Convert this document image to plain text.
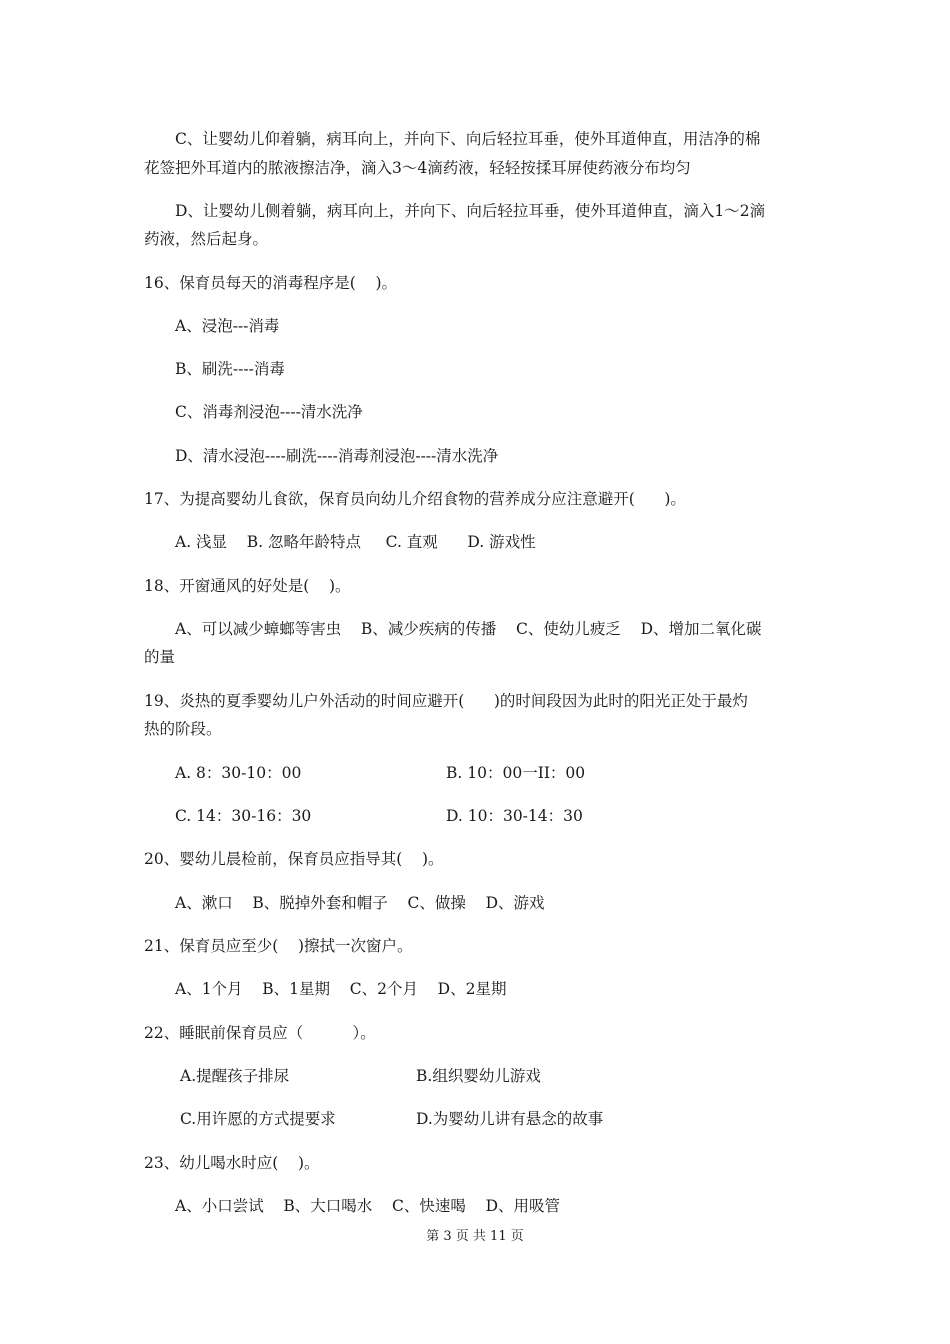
C、让婴幼儿仰着躺，病耳向上，并向下、向后轻拉耳垂，使外耳道伸直，用洁净的棉
花签把外耳道内的脓液擦洁净，滴入3～4滴药液，轻轻按揉耳屏使药液分布均匀
D、让婴幼儿侧着躺，病耳向上，并向下、向后轻拉耳垂，使外耳道伸直，滴入1～2滴
药液，然后起身。
16、保育员每天的消毒程序是(    )。
A、浸泡---消毒
B、刷洗----消毒
C、消毒剂浸泡----清水洗净
D、清水浸泡----刷洗----消毒剂浸泡----清水洗净
17、为提高婴幼儿食欲，保育员向幼儿介绍食物的营养成分应注意避开(      )。
A. 浅显    B. 忽略年龄特点     C. 直观      D. 游戏性
18、开窗通风的好处是(    )。
A、可以减少蟑螂等害虫    B、减少疾病的传播    C、使幼儿疲乏    D、增加二氧化碳
的量
19、炎热的夏季婴幼儿户外活动的时间应避开(      )的时间段因为此时的阳光正处于最灼
热的阶段。
A. 8：30-10：00	B. 10：00一II：00
C. 14：30-16：30	D. 10：30-14：30
20、婴幼儿晨检前，保育员应指导其(    )。
A、漱口    B、脱掉外套和帽子    C、做操    D、游戏
21、保育员应至少(    )擦拭一次窗户。
A、1个月    B、1星期    C、2个月    D、2星期
22、睡眠前保育员应（          ）。
A.提醒孩子排尿	B.组织婴幼儿游戏
C.用许愿的方式提要求	D.为婴幼儿讲有悬念的故事
23、幼儿喝水时应(    )。
A、小口尝试    B、大口喝水    C、快速喝    D、用吸管
第 3 页 共 11 页
